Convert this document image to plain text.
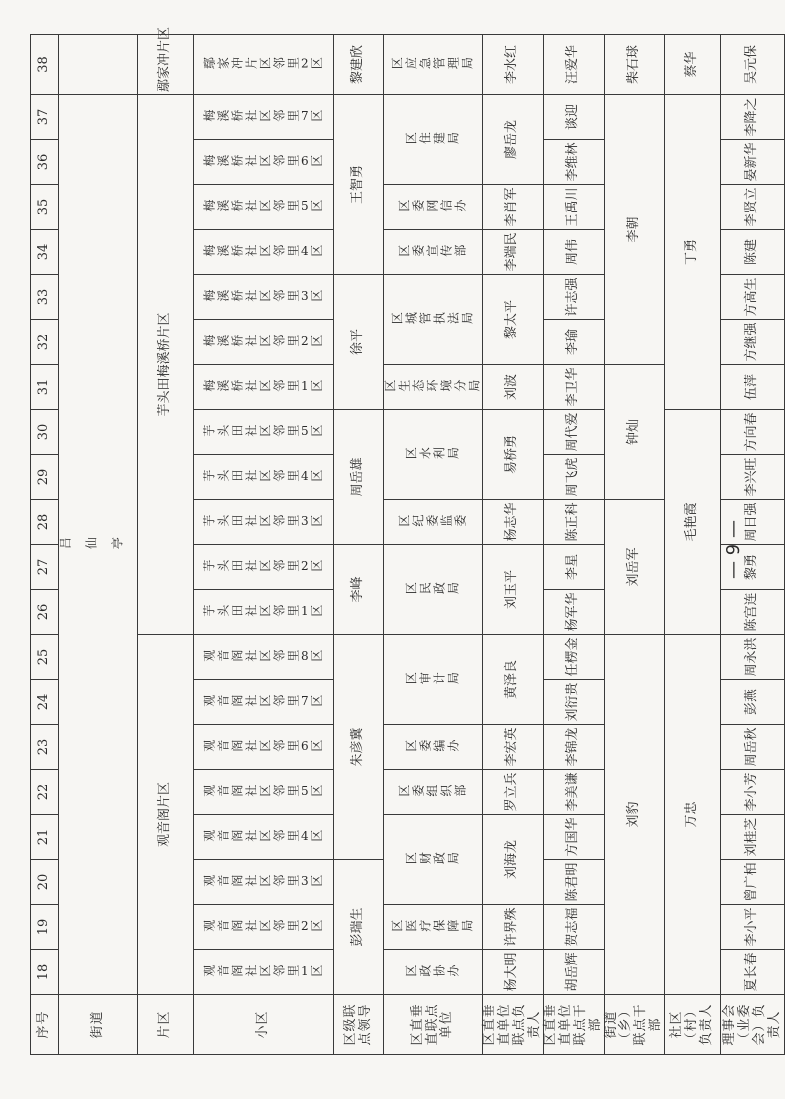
序号	18	19	20	21	22	23	24	25	26	27	28	29	30	31	32	33	34	35	36	37	38
街道	吕仙亭																				
片区	观音阁片区								芋头田梅溪桥片区												鄢家冲片区
小区	观音阁社区邻里1区	观音阁社区邻里2区	观音阁社区邻里3区	观音阁社区邻里4区	观音阁社区邻里5区	观音阁社区邻里6区	观音阁社区邻里7区	观音阁社区邻里8区	芋头田社区邻里1区	芋头田社区邻里2区	芋头田社区邻里3区	芋头田社区邻里4区	芋头田社区邻里5区	梅溪桥社区邻里1区	梅溪桥社区邻里2区	梅溪桥社区邻里3区	梅溪桥社区邻里4区	梅溪桥社区邻里5区	梅溪桥社区邻里6区	梅溪桥社区邻里7区	鄢家冲片区邻里2区
区级联点领导	彭瑞生			朱彦冀					李峰		周岳雄			徐平			王智勇				黎建欣
区直垂直联点单位	区政协办	区医疗保障局	区财政局		区委组织部	区委编办	区审计局		区民政局		区纪委监委	区水利局		区生态环境分局	区城管执法局		区委宣传部	区委网信办	区住建局		区应急管理局
区直垂直单位联点负责人	杨大明	许界殊	刘海龙		罗立兵	李宏英	黄泽良		刘玉平		杨志华	易桥勇		刘波	黎太平		李端民	李肖军	廖岳龙		李水红
区直垂直单位联点干部	胡岳辉	贺志福	陈君明	方国华	李美谦	李锦龙	刘衍贵	任楞金	杨军华	李星	陈正科	周飞虎	周代爱	李卫华	李瑜	许志强	周伟	王禹川	李维林	谈迎	汪爱华
街道（乡）联点干部	刘豹								刘岳军			钟灿			李朝						柴石球
社区（村）负责人	万忠								毛艳霞					丁勇							蔡华
理事会（业委会）负责人	夏长春	李小平	曾广柏	刘桂芝	李小芳	周岳秋	彭燕	周永洪	陈宫连	黎勇	周日强	李兴旺	方向春	伍萍	方继强	方高生	陈建	李贤立	晏新华	李降之	吴元保
— 9 —
